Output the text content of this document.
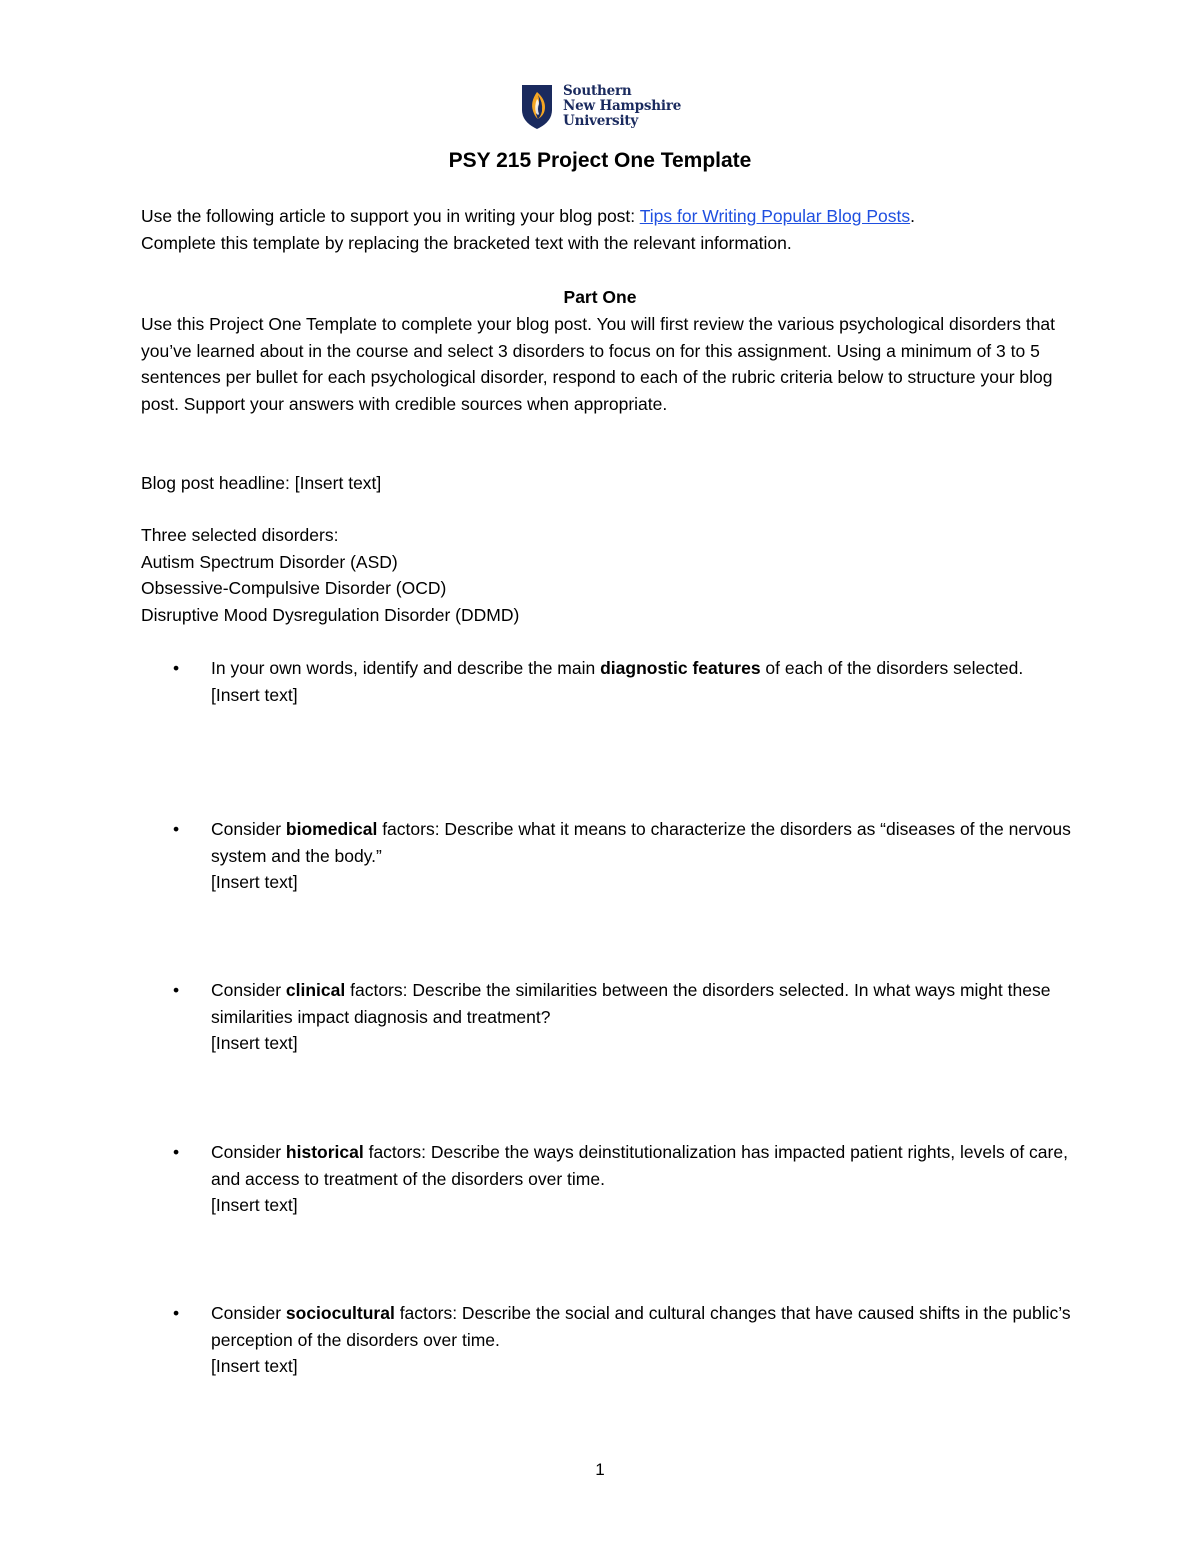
Southern
New Hampshire
University
PSY 215 Project One Template

Use the following article to support you in writing your blog post: Tips for Writing Popular Blog Posts.
Complete this template by replacing the bracketed text with the relevant information.

Part One

Use this Project One Template to complete your blog post. You will first review the various psychological disorders that you’ve learned about in the course and select 3 disorders to focus on for this assignment. Using a minimum of 3 to 5 sentences per bullet for each psychological disorder, respond to each of the rubric criteria below to structure your blog post. Support your answers with credible sources when appropriate.

Blog post headline: [Insert text]

Three selected disorders:
Autism Spectrum Disorder (ASD)
Obsessive-Compulsive Disorder (OCD)
Disruptive Mood Dysregulation Disorder (DDMD)
• In your own words, identify and describe the main diagnostic features of each of the disorders selected.
[Insert text]
• Consider biomedical factors: Describe what it means to characterize the disorders as “diseases of the nervous system and the body.”
[Insert text]
• Consider clinical factors: Describe the similarities between the disorders selected. In what ways might these similarities impact diagnosis and treatment?
[Insert text]
• Consider historical factors: Describe the ways deinstitutionalization has impacted patient rights, levels of care, and access to treatment of the disorders over time.
[Insert text]
• Consider sociocultural factors: Describe the social and cultural changes that have caused shifts in the public’s perception of the disorders over time.
[Insert text]
1
